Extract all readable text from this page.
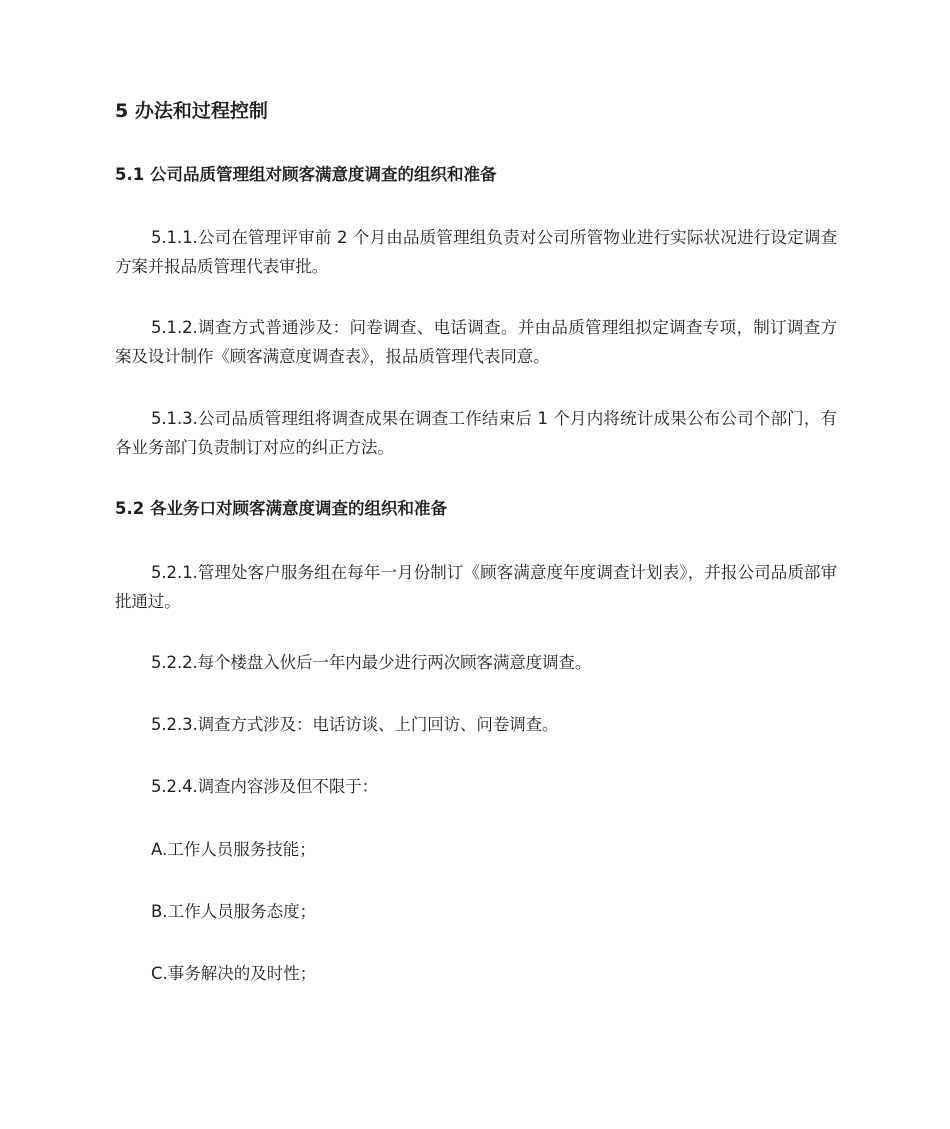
5 办法和过程控制
5.1 公司品质管理组对顾客满意度调查的组织和准备

5.1.1.公司在管理评审前 2 个月由品质管理组负责对公司所管物业进行实际状况进行设定调查方案并报品质管理代表审批。

5.1.2.调查方式普通涉及：问卷调查、电话调查。并由品质管理组拟定调查专项，制订调查方案及设计制作《顾客满意度调查表》，报品质管理代表同意。

5.1.3.公司品质管理组将调查成果在调查工作结束后 1 个月内将统计成果公布公司个部门，有各业务部门负责制订对应的纠正方法。

5.2 各业务口对顾客满意度调查的组织和准备

5.2.1.管理处客户服务组在每年一月份制订《顾客满意度年度调查计划表》，并报公司品质部审批通过。

5.2.2.每个楼盘入伙后一年内最少进行两次顾客满意度调查。

5.2.3.调查方式涉及：电话访谈、上门回访、问卷调查。

5.2.4.调查内容涉及但不限于：

A.工作人员服务技能；
B.工作人员服务态度；
C.事务解决的及时性；
